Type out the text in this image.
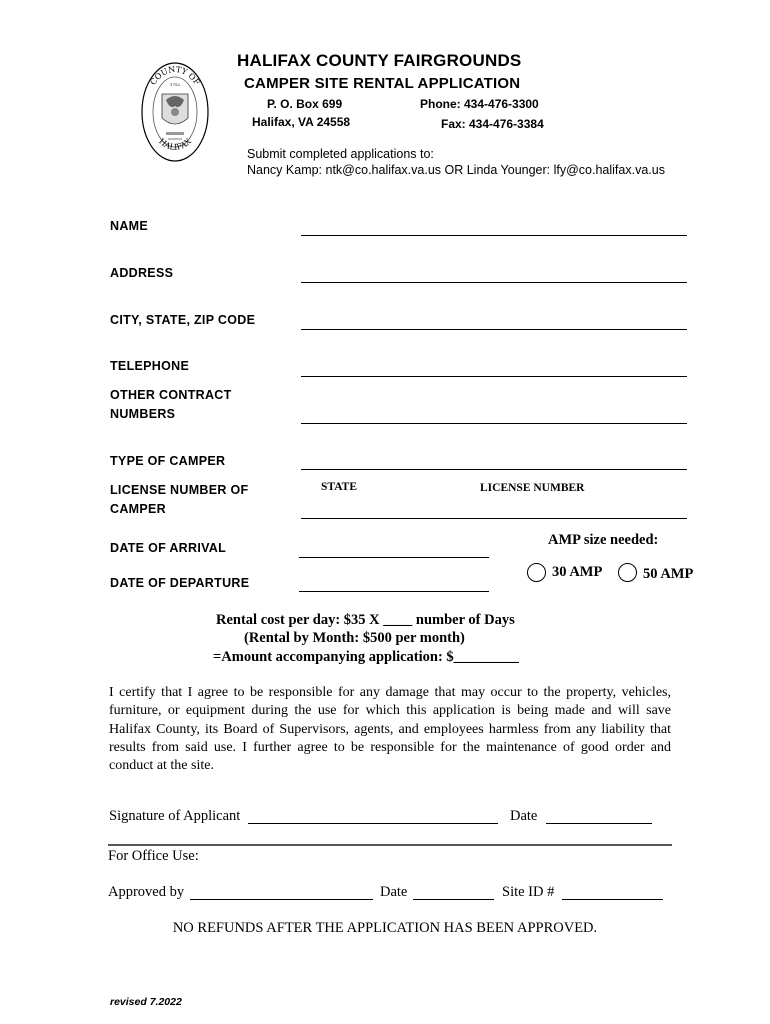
COUNTY OF
HALIFAX
1752
HALIFAX COUNTY FAIRGROUNDS
CAMPER SITE RENTAL APPLICATION
P. O. Box 699
Halifax, VA 24558
Phone: 434-476-3300
Fax: 434-476-3384
Submit completed applications to:
Nancy Kamp: ntk@co.halifax.va.us OR Linda Younger: lfy@co.halifax.va.us
NAME
ADDRESS
CITY, STATE, ZIP CODE
TELEPHONE
OTHER CONTRACT
NUMBERS
TYPE OF CAMPER
LICENSE NUMBER OF
CAMPER
STATE	LICENSE NUMBER
DATE OF ARRIVAL
DATE OF DEPARTURE
AMP size needed:
30 AMP	50 AMP
Rental cost per day: $35 X ____ number of Days
(Rental by Month: $500 per month)
=Amount accompanying application: $_________
I certify that I agree to be responsible for any damage that may occur to the property, vehicles, furniture, or equipment during the use for which this application is being made and will save Halifax County, its Board of Supervisors, agents, and employees harmless from any liability that results from said use. I further agree to be responsible for the maintenance of good order and conduct at the site.
Signature of Applicant	Date
For Office Use:
Approved by	Date	Site ID #
NO REFUNDS AFTER THE APPLICATION HAS BEEN APPROVED.
revised 7.2022
